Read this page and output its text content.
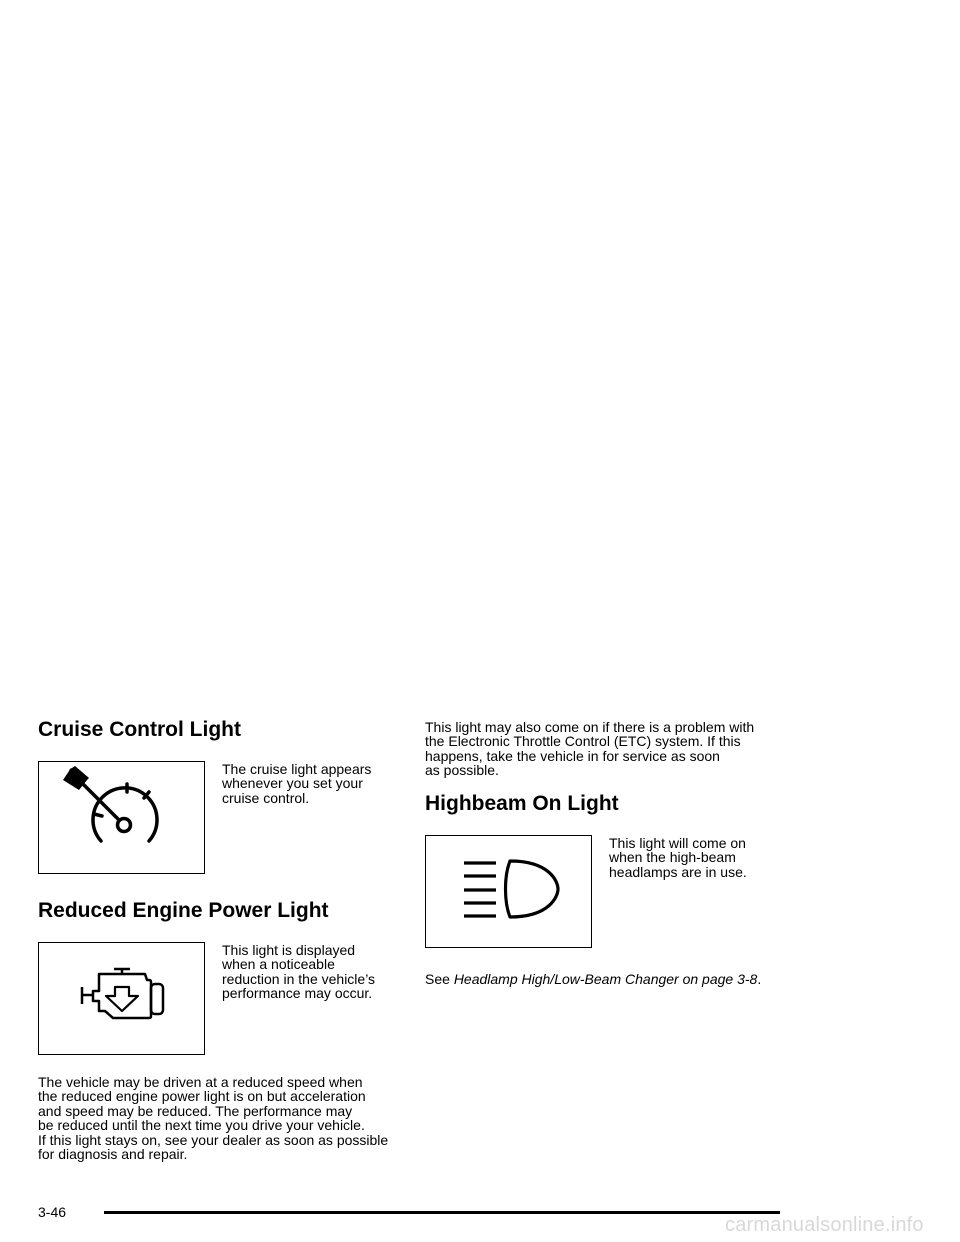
Cruise Control Light
The cruise light appears
whenever you set your
cruise control.
Reduced Engine Power Light
This light is displayed
when a noticeable
reduction in the vehicle’s
performance may occur.
The vehicle may be driven at a reduced speed when
the reduced engine power light is on but acceleration
and speed may be reduced. The performance may
be reduced until the next time you drive your vehicle.
If this light stays on, see your dealer as soon as possible
for diagnosis and repair.
This light may also come on if there is a problem with
the Electronic Throttle Control (ETC) system. If this
happens, take the vehicle in for service as soon
as possible.
Highbeam On Light
This light will come on
when the high-beam
headlamps are in use.
See Headlamp High/Low-Beam Changer on page 3-8.
3-46
carmanualsonline.info
